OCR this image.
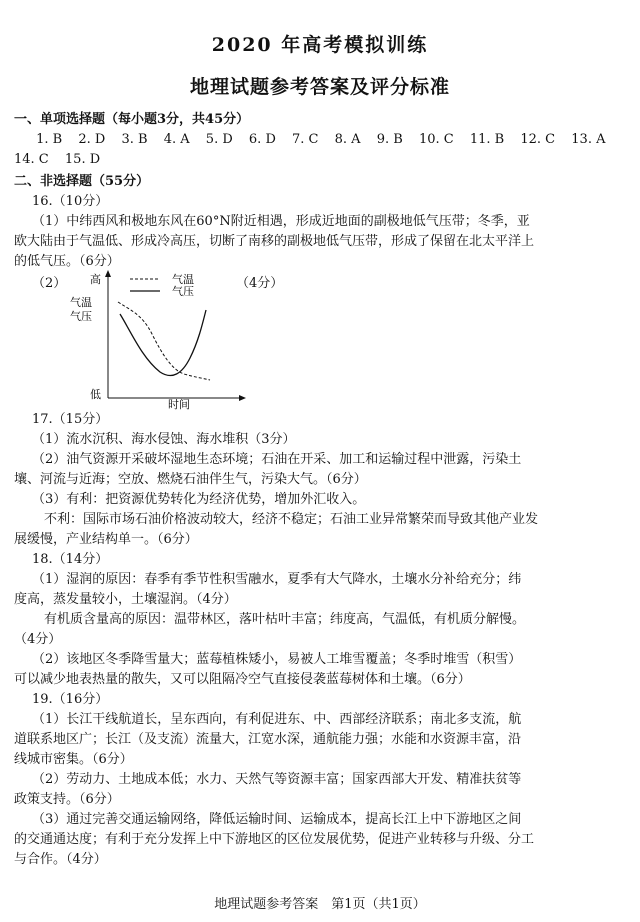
2020 年高考模拟训练
地理试题参考答案及评分标准
一、单项选择题（每小题3分，共45分）
1. B 2. D 3. B 4. A 5. D 6. D 7. C 8. A 9. B 10. C 11. B 12. C 13. A
14. C 15. D
二、非选择题（55分）
16.（10分）
（1）中纬西风和极地东风在60°N附近相遇，形成近地面的副极地低气压带；冬季，亚
欧大陆由于气温低、形成冷高压，切断了南移的副极地低气压带，形成了保留在北太平洋上
的低气压。（6分）
（2）	（4分）
高
气温
气压
低
时间
气温
气压
17.（15分）
（1）流水沉积、海水侵蚀、海水堆积（3分）
（2）油气资源开采破坏湿地生态环境；石油在开采、加工和运输过程中泄露，污染土
壤、河流与近海；空放、燃烧石油伴生气，污染大气。（6分）
（3）有利：把资源优势转化为经济优势，增加外汇收入。
不利：国际市场石油价格波动较大，经济不稳定；石油工业异常繁荣而导致其他产业发
展缓慢，产业结构单一。（6分）
18.（14分）
（1）湿润的原因：春季有季节性积雪融水，夏季有大气降水，土壤水分补给充分；纬
度高，蒸发量较小，土壤湿润。（4分）
有机质含量高的原因：温带林区，落叶枯叶丰富；纬度高，气温低，有机质分解慢。
（4分）
（2）该地区冬季降雪量大；蓝莓植株矮小，易被人工堆雪覆盖；冬季时堆雪（积雪）
可以减少地表热量的散失，又可以阻隔冷空气直接侵袭蓝莓树体和土壤。（6分）
19.（16分）
（1）长江干线航道长，呈东西向，有利促进东、中、西部经济联系；南北多支流，航
道联系地区广；长江（及支流）流量大，江宽水深，通航能力强；水能和水资源丰富，沿
线城市密集。（6分）
（2）劳动力、土地成本低；水力、天然气等资源丰富；国家西部大开发、精准扶贫等
政策支持。（6分）
（3）通过完善交通运输网络，降低运输时间、运输成本，提高长江上中下游地区之间
的交通通达度；有利于充分发挥上中下游地区的区位发展优势，促进产业转移与升级、分工
与合作。（4分）
地理试题参考答案　第1页（共1页）
